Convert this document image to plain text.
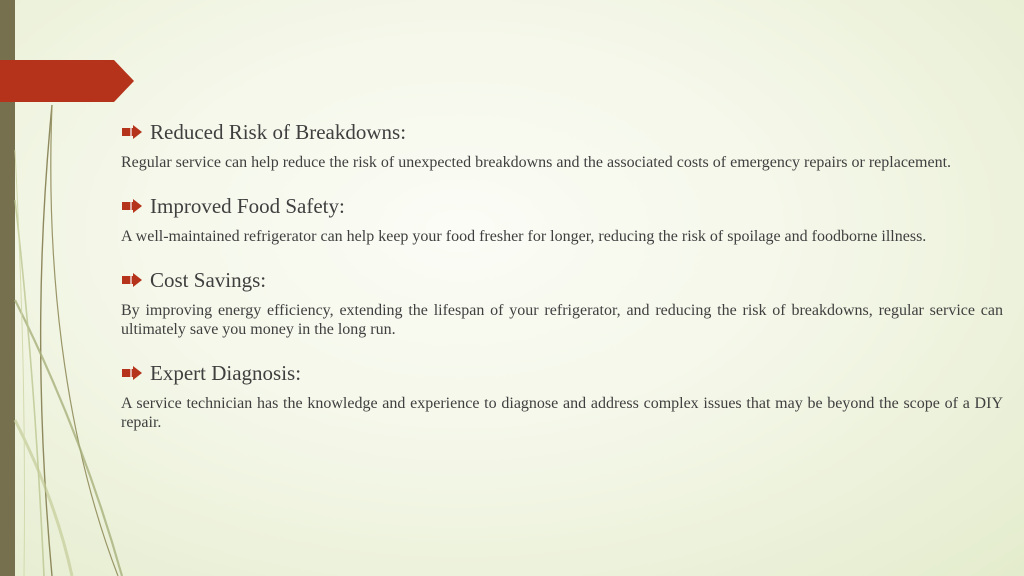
Reduced Risk of Breakdowns:

Regular service can help reduce the risk of unexpected breakdowns and the associated costs of emergency repairs or replacement.

Improved Food Safety:

A well-maintained refrigerator can help keep your food fresher for longer, reducing the risk of spoilage and foodborne illness.

Cost Savings:

By improving energy efficiency, extending the lifespan of your refrigerator, and reducing the risk of breakdowns, regular service can ultimately save you money in the long run.

Expert Diagnosis:

A service technician has the knowledge and experience to diagnose and address complex issues that may be beyond the scope of a DIY repair.
